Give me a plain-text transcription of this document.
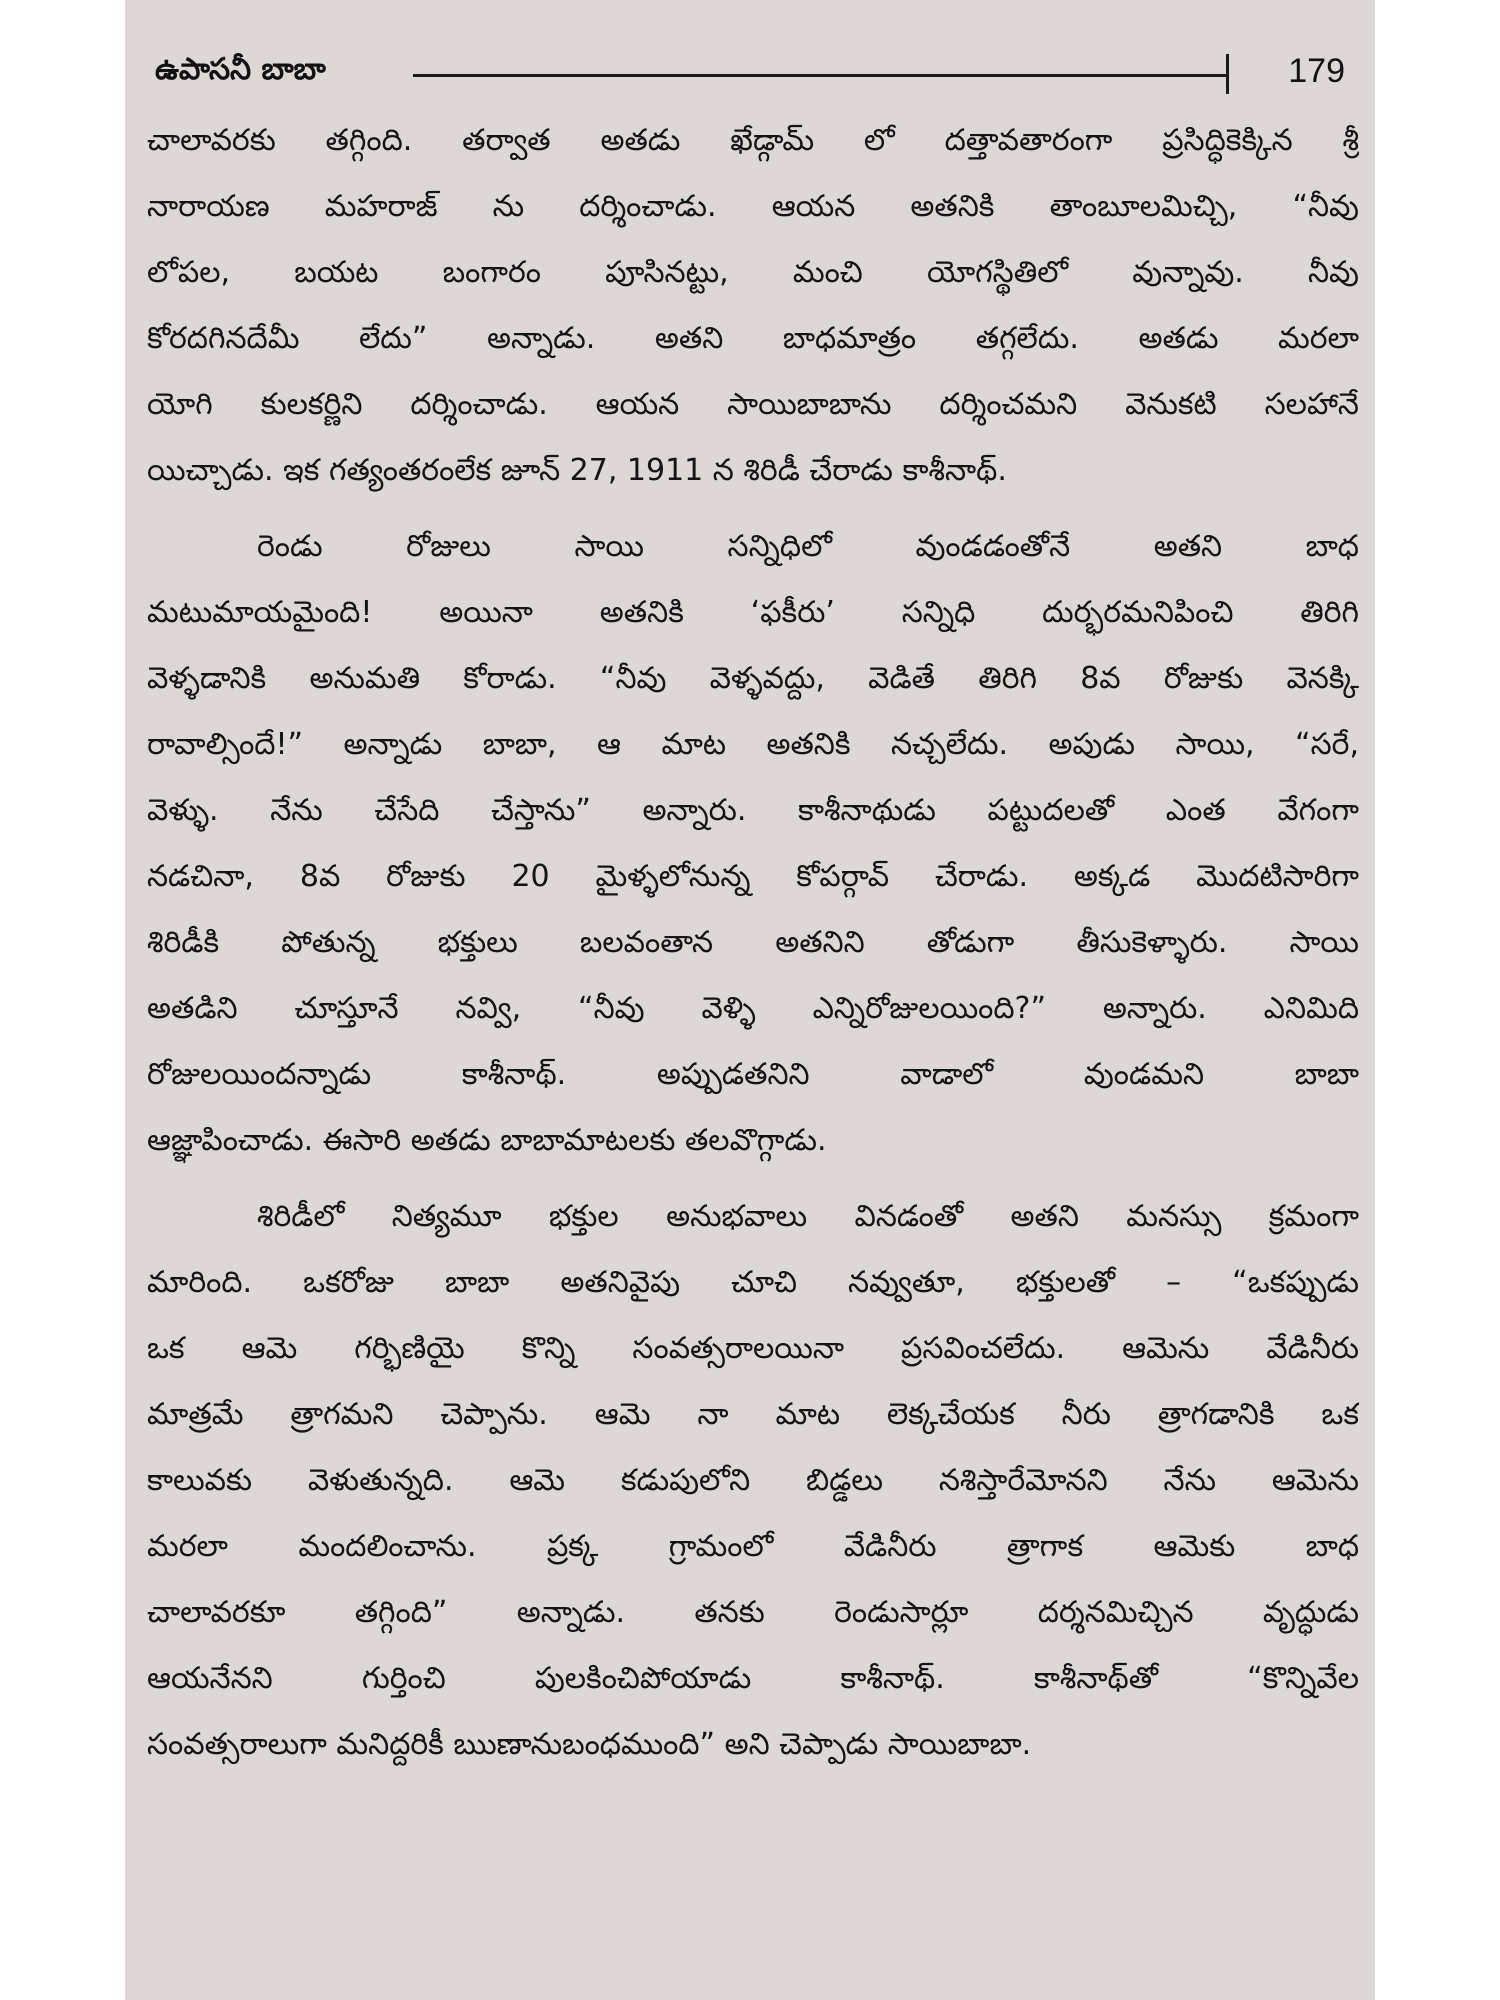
ఉపాసనీ బాబా	179
చాలావరకు తగ్గింది. తర్వాత అతడు ఖేడ్గామ్ లో దత్తావతారంగా ప్రసిద్ధికెక్కిన శ్రీ
నారాయణ మహరాజ్ ను దర్శించాడు. ఆయన అతనికి తాంబూలమిచ్చి, “నీవు
లోపల, బయట బంగారం పూసినట్టు, మంచి యోగస్థితిలో వున్నావు. నీవు
కోరదగినదేమీ లేదు” అన్నాడు. అతని బాధమాత్రం తగ్గలేదు. అతడు మరలా
యోగి కులకర్ణిని దర్శించాడు. ఆయన సాయిబాబాను దర్శించమని వెనుకటి సలహానే
యిచ్చాడు. ఇక గత్యంతరంలేక జూన్ 27, 1911 న శిరిడీ చేరాడు కాశీనాథ్.
రెండు రోజులు సాయి సన్నిధిలో వుండడంతోనే అతని బాధ
మటుమాయమైంది! అయినా అతనికి ‘ఫకీరు’ సన్నిధి దుర్భరమనిపించి తిరిగి
వెళ్ళడానికి అనుమతి కోరాడు. “నీవు వెళ్ళవద్దు, వెడితే తిరిగి 8వ రోజుకు వెనక్కి
రావాల్సిందే!” అన్నాడు బాబా, ఆ మాట అతనికి నచ్చలేదు. అపుడు సాయి, “సరే,
వెళ్ళు. నేను చేసేది చేస్తాను” అన్నారు. కాశీనాథుడు పట్టుదలతో ఎంత వేగంగా
నడచినా, 8వ రోజుకు 20 మైళ్ళలోనున్న కోపర్గావ్ చేరాడు. అక్కడ మొదటిసారిగా
శిరిడీకి పోతున్న భక్తులు బలవంతాన అతనిని తోడుగా తీసుకెళ్ళారు. సాయి
అతడిని చూస్తూనే నవ్వి, “నీవు వెళ్ళి ఎన్నిరోజులయింది?” అన్నారు. ఎనిమిది
రోజులయిందన్నాడు కాశీనాథ్. అప్పుడతనిని వాడాలో వుండమని బాబా
ఆజ్ఞాపించాడు. ఈసారి అతడు బాబామాటలకు తలవొగ్గాడు.
శిరిడీలో నిత్యమూ భక్తుల అనుభవాలు వినడంతో అతని మనస్సు క్రమంగా
మారింది. ఒకరోజు బాబా అతనివైపు చూచి నవ్వుతూ, భక్తులతో – “ఒకప్పుడు
ఒక ఆమె గర్భిణియై కొన్ని సంవత్సరాలయినా ప్రసవించలేదు. ఆమెను వేడినీరు
మాత్రమే త్రాగమని చెప్పాను. ఆమె నా మాట లెక్కచేయక నీరు త్రాగడానికి ఒక
కాలువకు వెళుతున్నది. ఆమె కడుపులోని బిడ్డలు నశిస్తారేమోనని నేను ఆమెను
మరలా మందలించాను. ప్రక్క గ్రామంలో వేడినీరు త్రాగాక ఆమెకు బాధ
చాలావరకూ తగ్గింది” అన్నాడు. తనకు రెండుసార్లూ దర్శనమిచ్చిన వృద్ధుడు
ఆయనేనని గుర్తించి పులకించిపోయాడు కాశీనాథ్. కాశీనాథ్‌తో “కొన్నివేల
సంవత్సరాలుగా మనిద్దరికీ ఋణానుబంధముంది” అని చెప్పాడు సాయిబాబా.
